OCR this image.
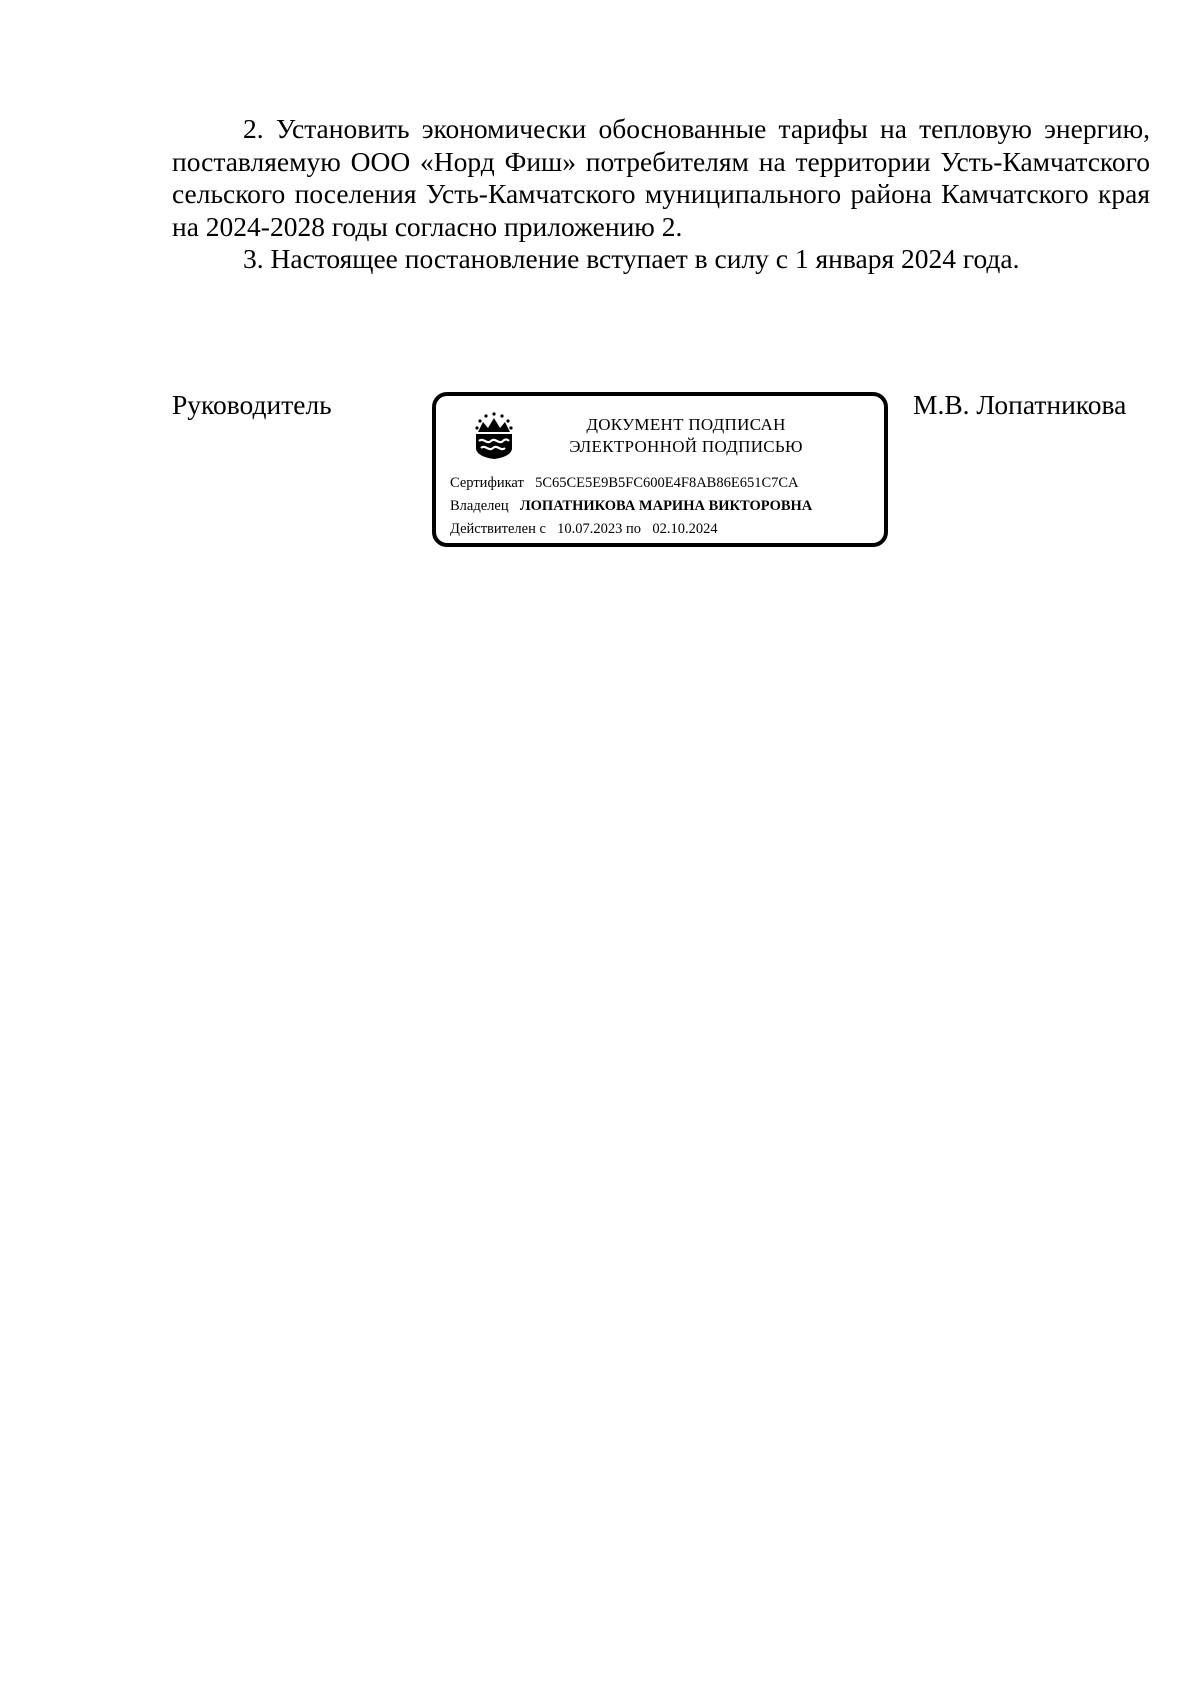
2. Установить экономически обоснованные тарифы на тепловую энергию, поставляемую ООО «Норд Фиш» потребителям на территории Усть-Камчатского сельского поселения Усть-Камчатского муниципального района Камчатского края на 2024-2028 годы согласно приложению 2.

3. Настоящее постановление вступает в силу с 1 января 2024 года.

Руководитель
ДОКУМЕНТ ПОДПИСАН
ЭЛЕКТРОННОЙ ПОДПИСЬЮ
Сертификат 5C65CE5E9B5FC600E4F8AB86E651C7CA
Владелец ЛОПАТНИКОВА МАРИНА ВИКТОРОВНА
Действителен с 10.07.2023 по 02.10.2024
М.В. Лопатникова
